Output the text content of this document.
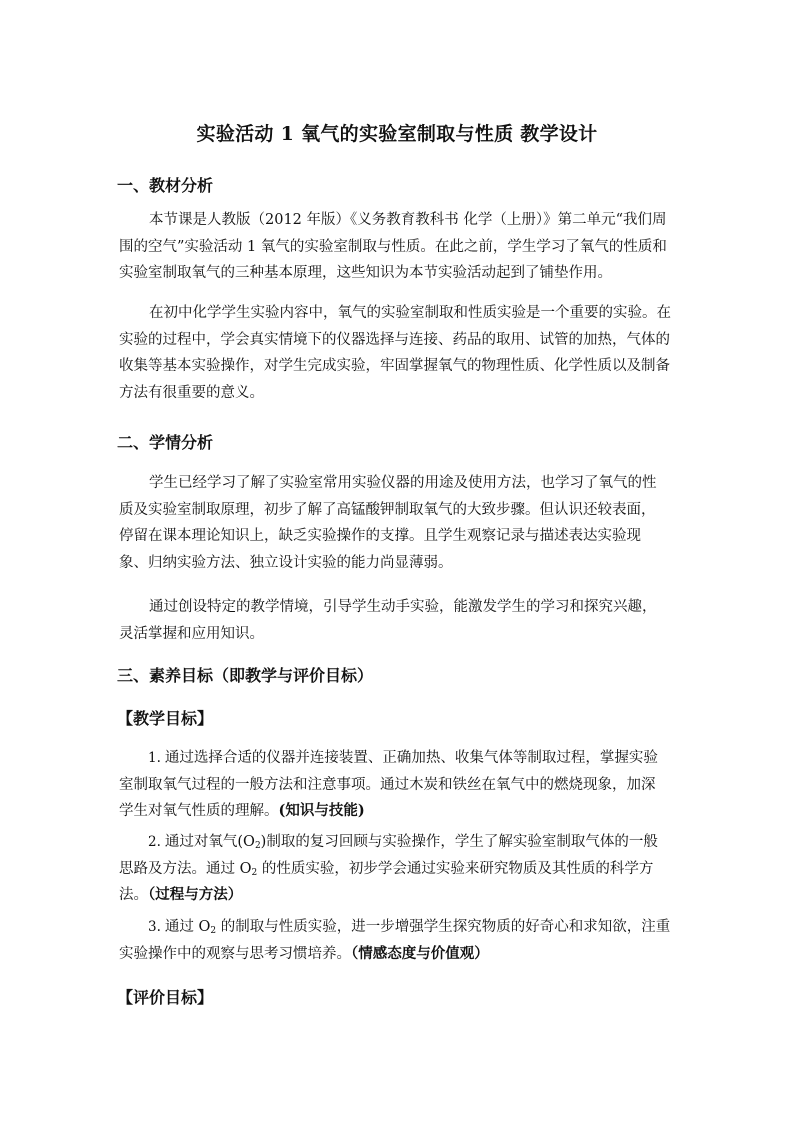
实验活动 1 氧气的实验室制取与性质 教学设计
一、教材分析
本节课是人教版（2012 年版）《义务教育教科书 化学（上册）》第二单元“我们周
围的空气”实验活动 1 氧气的实验室制取与性质。在此之前，学生学习了氧气的性质和
实验室制取氧气的三种基本原理，这些知识为本节实验活动起到了铺垫作用。
在初中化学学生实验内容中，氧气的实验室制取和性质实验是一个重要的实验。在
实验的过程中，学会真实情境下的仪器选择与连接、药品的取用、试管的加热，气体的
收集等基本实验操作，对学生完成实验，牢固掌握氧气的物理性质、化学性质以及制备
方法有很重要的意义。
二、学情分析
学生已经学习了解了实验室常用实验仪器的用途及使用方法，也学习了氧气的性
质及实验室制取原理，初步了解了高锰酸钾制取氧气的大致步骤。但认识还较表面，
停留在课本理论知识上，缺乏实验操作的支撑。且学生观察记录与描述表达实验现
象、归纳实验方法、独立设计实验的能力尚显薄弱。
通过创设特定的教学情境，引导学生动手实验，能激发学生的学习和探究兴趣，
灵活掌握和应用知识。
三、素养目标（即教学与评价目标）
【教学目标】
1. 通过选择合适的仪器并连接装置、正确加热、收集气体等制取过程，掌握实验
室制取氧气过程的一般方法和注意事项。通过木炭和铁丝在氧气中的燃烧现象，加深
学生对氧气性质的理解。(知识与技能)
2. 通过对氧气$(O_2)$制取的复习回顾与实验操作，学生了解实验室制取气体的一般
思路及方法。通过 $O_2$ 的性质实验，初步学会通过实验来研究物质及其性质的科学方
法。（过程与方法）
3. 通过 $O_2$ 的制取与性质实验，进一步增强学生探究物质的好奇心和求知欲，注重
实验操作中的观察与思考习惯培养。（情感态度与价值观）
【评价目标】
